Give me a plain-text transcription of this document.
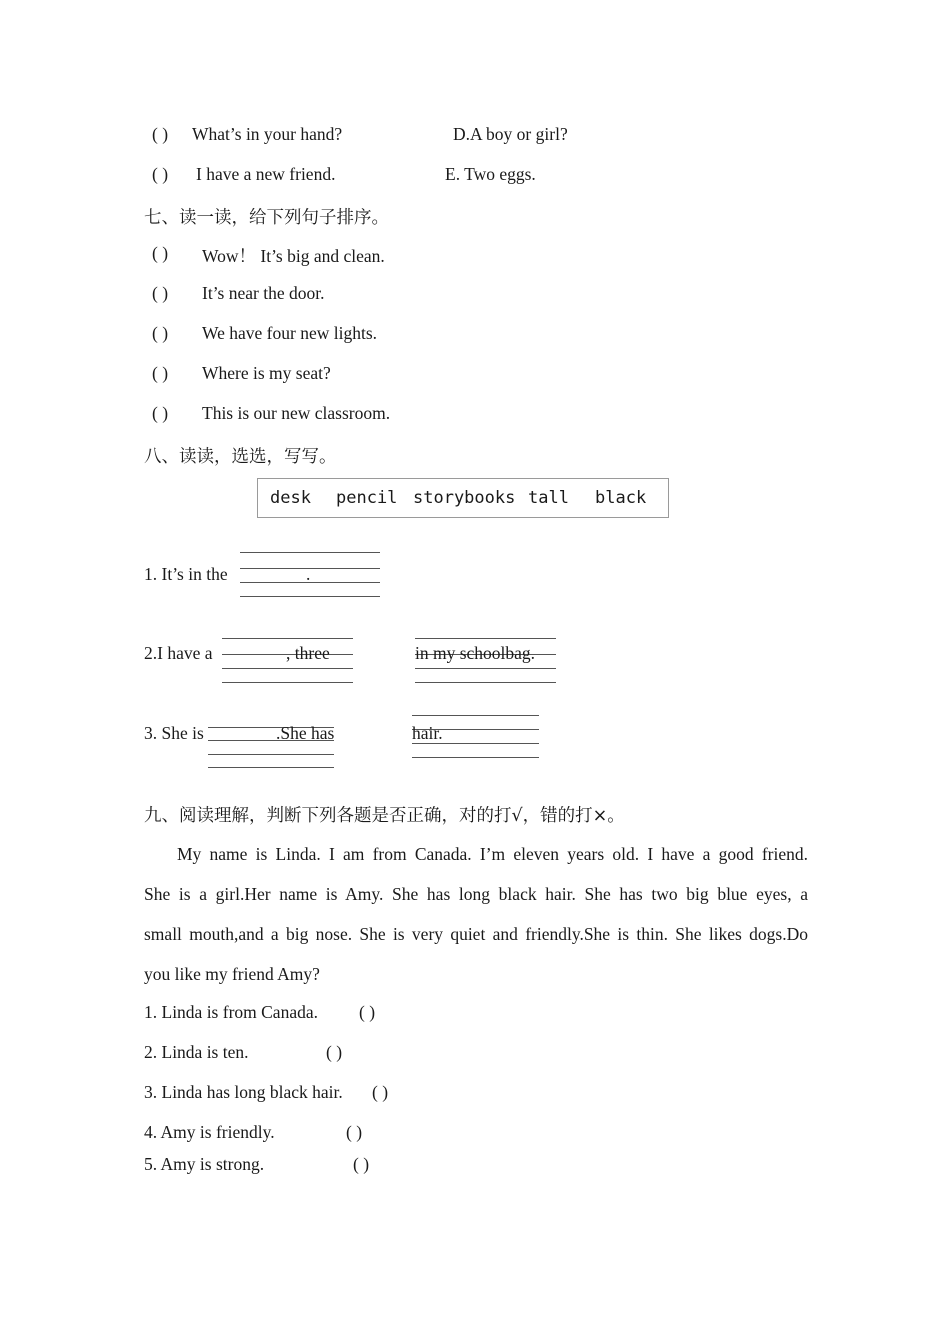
( ) What’s in your hand?	D.A boy or girl?
( ) I have a new friend.	E. Two eggs.
七、读一读，给下列句子排序。
( ) Wow！ It’s big and clean.
( ) It’s near the door.
( ) We have four new lights.
( ) Where is my seat?
( ) This is our new classroom.
八、读读，选选，写写。
desk pencil storybooks tall black
1. It’s in the	.
2.I have a	, three	in my schoolbag.
3. She is	.She has	hair.
九、阅读理解，判断下列各题是否正确，对的打√，错的打×。
My name is Linda. I am from Canada. I’m eleven years old. I have a good friend.
She is a girl.Her name is Amy. She has long black hair. She has two big blue eyes, a
small mouth,and a big nose. She is very quiet and friendly.She is thin. She likes dogs.Do
you like my friend Amy?
1. Linda is from Canada. ( )
2. Linda is ten.	( )
3. Linda has long black hair. ( )
4. Amy is friendly.	( )
5. Amy is strong.	( )
